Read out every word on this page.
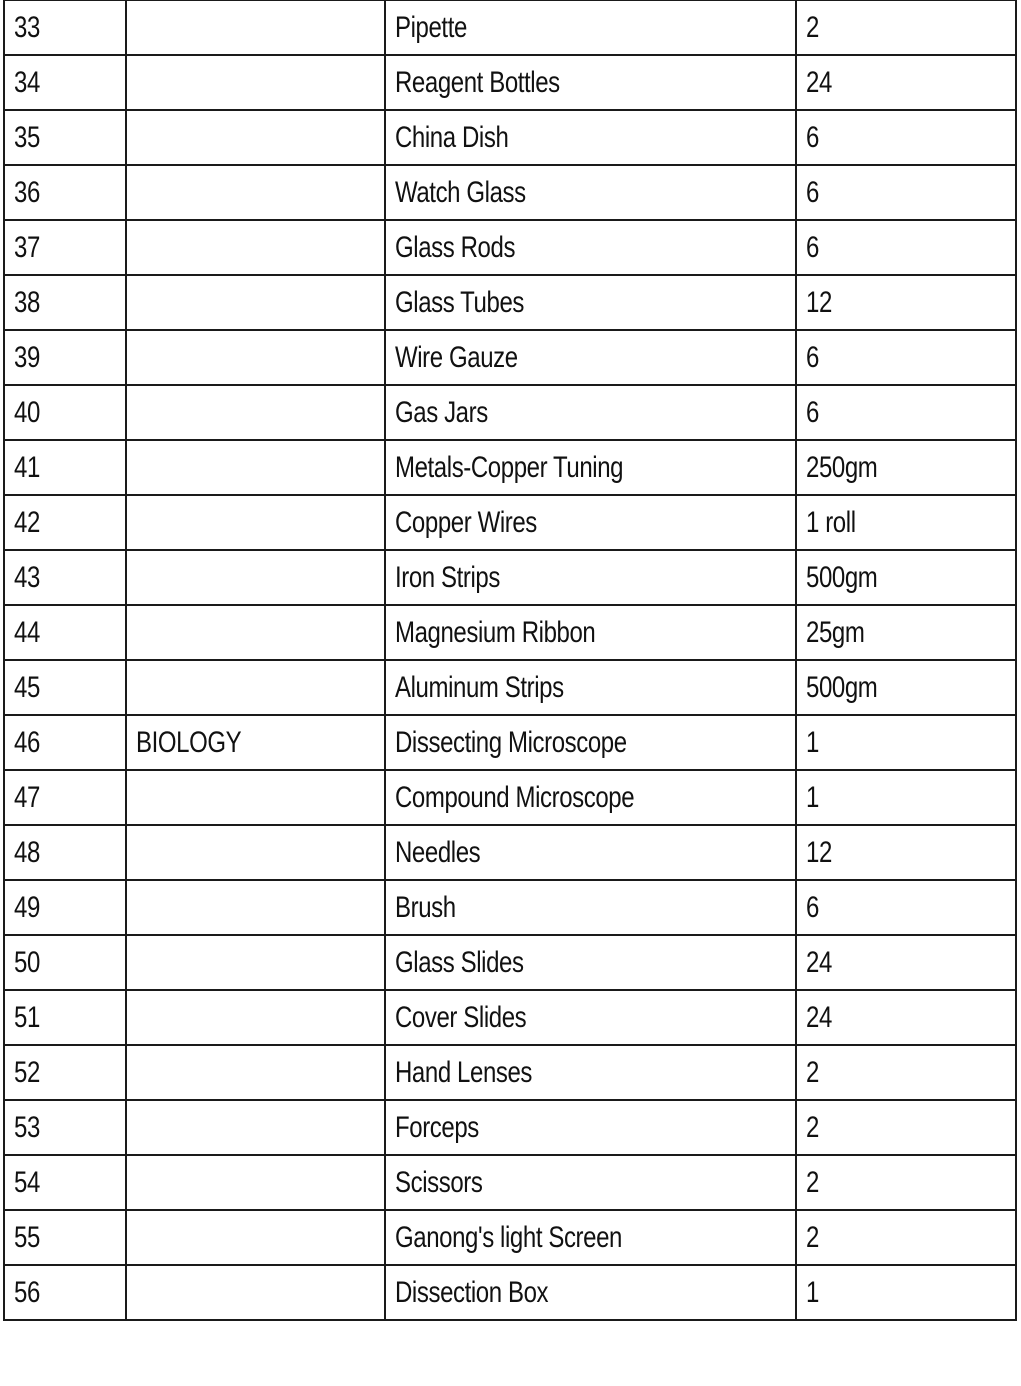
33		Pipette	2
34		Reagent Bottles	24
35		China Dish	6
36		Watch Glass	6
37		Glass Rods	6
38		Glass Tubes	12
39		Wire Gauze	6
40		Gas Jars	6
41		Metals-Copper Tuning	250gm
42		Copper Wires	1 roll
43		Iron Strips	500gm
44		Magnesium Ribbon	25gm
45		Aluminum Strips	500gm
46	BIOLOGY	Dissecting Microscope	1
47		Compound Microscope	1
48		Needles	12
49		Brush	6
50		Glass Slides	24
51		Cover Slides	24
52		Hand Lenses	2
53		Forceps	2
54		Scissors	2
55		Ganong's light Screen	2
56		Dissection Box	1
